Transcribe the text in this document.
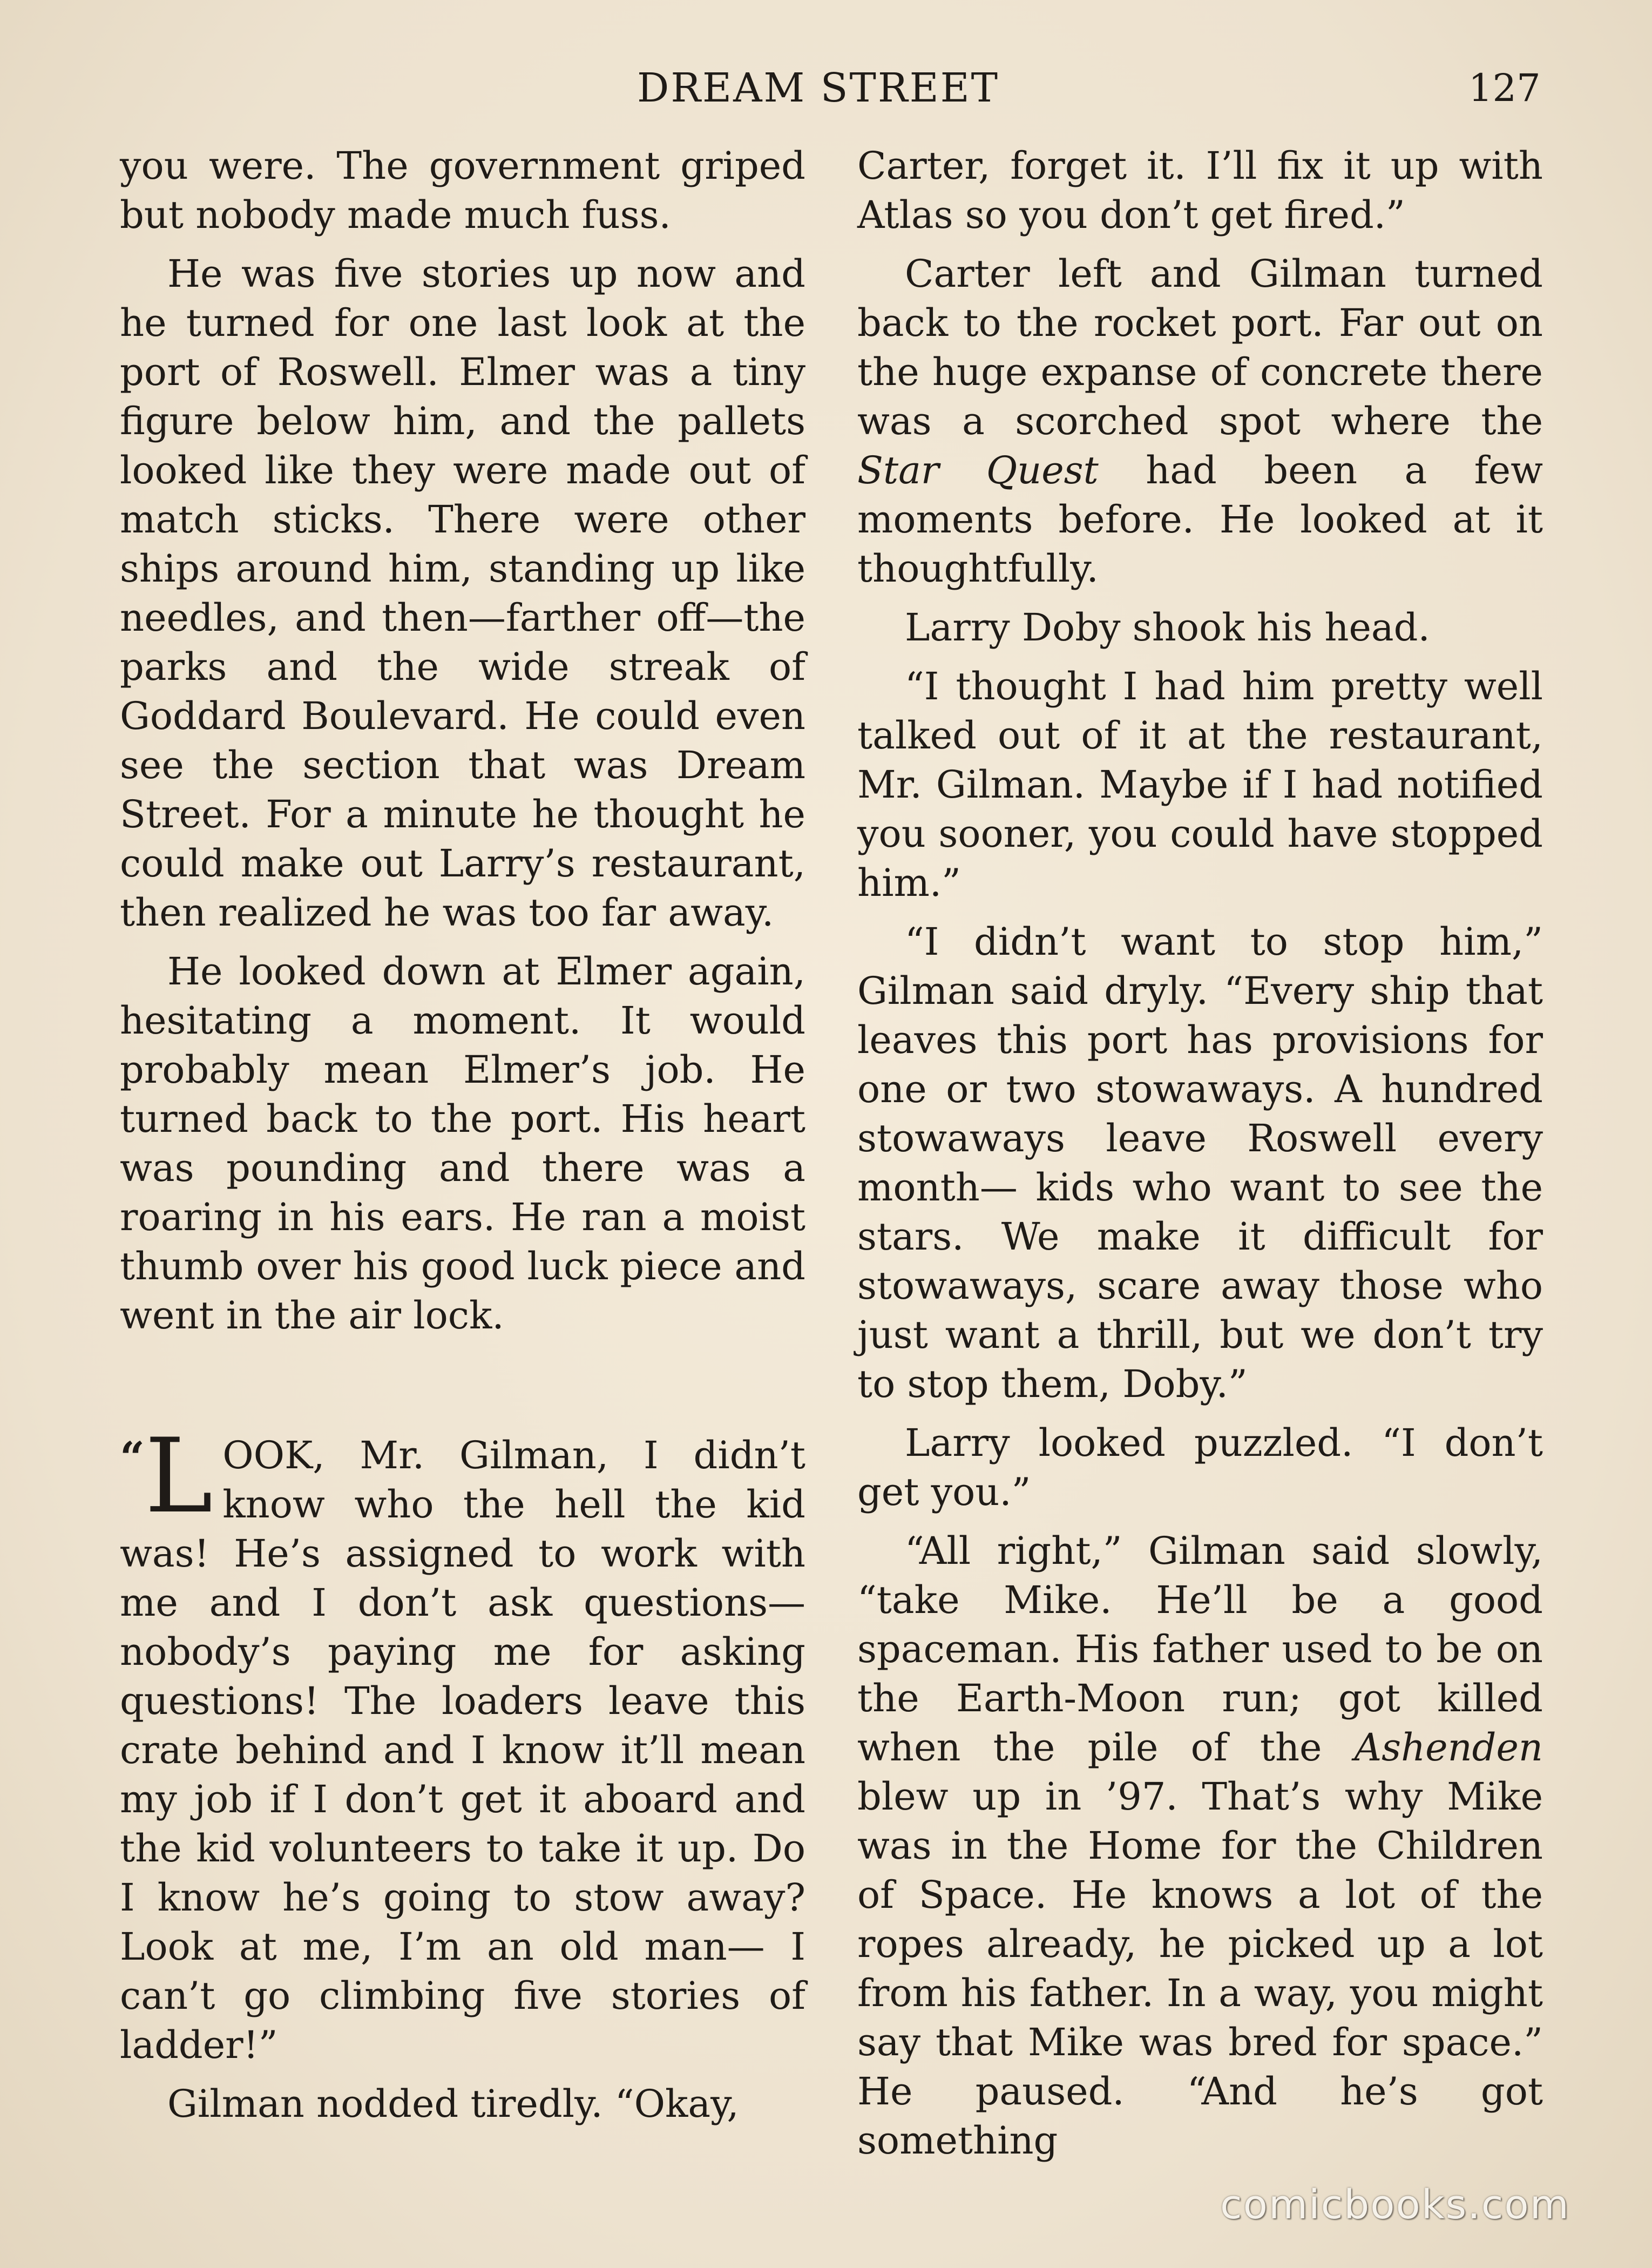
DREAM STREET	127

you were. The government griped but nobody made much fuss.

He was five stories up now and he turned for one last look at the port of Roswell. Elmer was a tiny figure below him, and the pallets looked like they were made out of match sticks. There were other ships around him, standing up like needles, and then—farther off—the parks and the wide streak of Goddard Boulevard. He could even see the section that was Dream Street. For a minute he thought he could make out Larry’s restaurant, then realized he was too far away.

He looked down at Elmer again, hesitating a moment. It would probably mean Elmer’s job. He turned back to the port. His heart was pounding and there was a roaring in his ears. He ran a moist thumb over his good luck piece and went in the air lock.

“L OOK, Mr. Gilman, I didn’t know who the hell the kid was! He’s assigned to work with me and I don’t ask questions—nobody’s paying me for asking questions! The loaders leave this crate behind and I know it’ll mean my job if I don’t get it aboard and the kid volunteers to take it up. Do I know he’s going to stow away? Look at me, I’m an old man— I can’t go climbing five stories of ladder!”

Gilman nodded tiredly. “Okay,

Carter, forget it. I’ll fix it up with Atlas so you don’t get fired.”

Carter left and Gilman turned back to the rocket port. Far out on the huge expanse of concrete there was a scorched spot where the Star Quest had been a few moments before. He looked at it thoughtfully.

Larry Doby shook his head.

“I thought I had him pretty well talked out of it at the restaurant, Mr. Gilman. Maybe if I had notified you sooner, you could have stopped him.”

“I didn’t want to stop him,” Gilman said dryly. “Every ship that leaves this port has provisions for one or two stowaways. A hundred stowaways leave Roswell every month— kids who want to see the stars. We make it difficult for stowaways, scare away those who just want a thrill, but we don’t try to stop them, Doby.”

Larry looked puzzled. “I don’t get you.”

“All right,” Gilman said slowly, “take Mike. He’ll be a good spaceman. His father used to be on the Earth-Moon run; got killed when the pile of the Ashenden blew up in ’97. That’s why Mike was in the Home for the Children of Space. He knows a lot of the ropes already, he picked up a lot from his father. In a way, you might say that Mike was bred for space.” He paused. “And he’s got something

comicbooks.com
